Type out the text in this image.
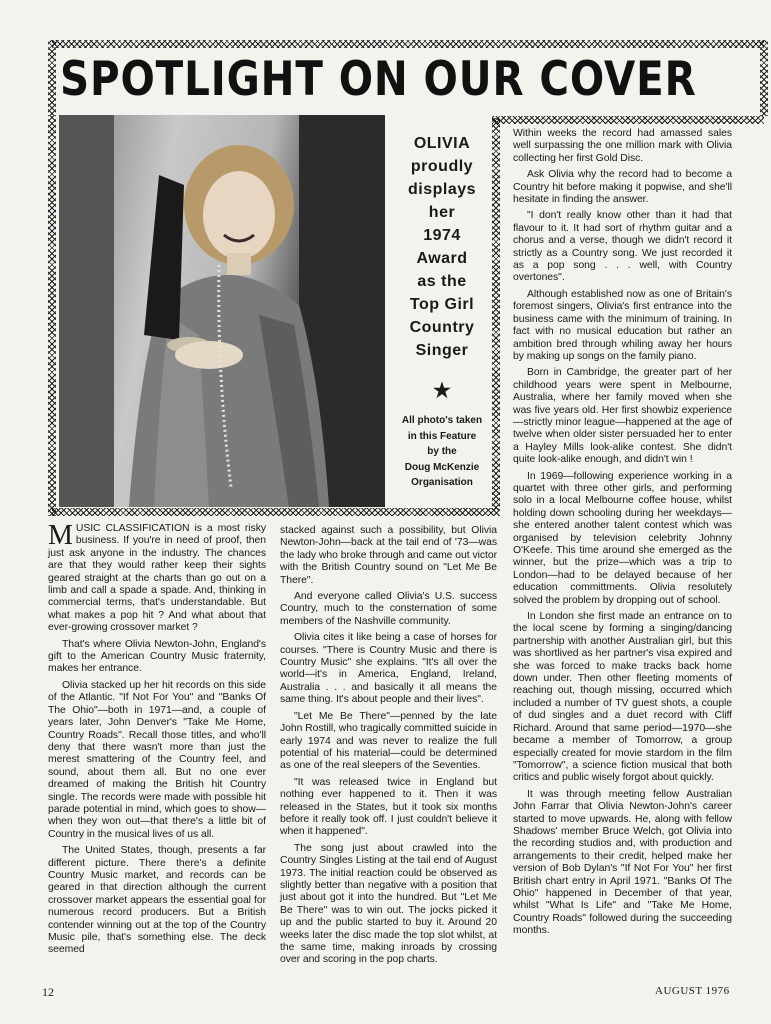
SPOTLIGHT ON OUR COVER
OLIVIA
proudly
displays
her
1974
Award
as the
Top Girl
Country
Singer
★
All photo's taken
in this Feature
by the
Doug McKenzie
Organisation

MUSIC CLASSIFICATION is a most risky business. If you're in need of proof, then just ask anyone in the industry. The chances are that they would rather keep their sights geared straight at the charts than go out on a limb and call a spade a spade. And, thinking in commercial terms, that's understandable. But what makes a pop hit ? And what about that ever-growing crossover market ?

That's where Olivia Newton-John, England's gift to the American Country Music fraternity, makes her entrance.

Olivia stacked up her hit records on this side of the Atlantic. "If Not For You" and "Banks Of The Ohio"—both in 1971—and, a couple of years later, John Denver's "Take Me Home, Country Roads". Recall those titles, and who'll deny that there wasn't more than just the merest smattering of the Country feel, and sound, about them all. But no one ever dreamed of making the British hit Country single. The records were made with possible hit parade potential in mind, which goes to show—when they won out—that there's a little bit of Country in the musical lives of us all.

The United States, though, presents a far different picture. There there's a definite Country Music market, and records can be geared in that direction although the current crossover market appears the essential goal for numerous record producers. But a British contender winning out at the top of the Country Music pile, that's something else. The deck seemed

stacked against such a possibility, but Olivia Newton-John—back at the tail end of '73—was the lady who broke through and came out victor with the British Country sound on "Let Me Be There".

And everyone called Olivia's U.S. success Country, much to the consternation of some members of the Nashville community.

Olivia cites it like being a case of horses for courses. "There is Country Music and there is Country Music" she explains. "It's all over the world—it's in America, England, Ireland, Australia . . . and basically it all means the same thing. It's about people and their lives".

"Let Me Be There"—penned by the late John Rostill, who tragically committed suicide in early 1974 and was never to realize the full potential of his material—could be determined as one of the real sleepers of the Seventies.

"It was released twice in England but nothing ever happened to it. Then it was released in the States, but it took six months before it really took off. I just couldn't believe it when it happened".

The song just about crawled into the Country Singles Listing at the tail end of August 1973. The initial reaction could be observed as slightly better than negative with a position that just about got it into the hundred. But "Let Me Be There" was to win out. The jocks picked it up and the public started to buy it. Around 20 weeks later the disc made the top slot whilst, at the same time, making inroads by crossing over and scoring in the pop charts.

Within weeks the record had amassed sales well surpassing the one million mark with Olivia collecting her first Gold Disc.

Ask Olivia why the record had to become a Country hit before making it popwise, and she'll hesitate in finding the answer.

"I don't really know other than it had that flavour to it. It had sort of rhythm guitar and a chorus and a verse, though we didn't record it strictly as a Country song. We just recorded it as a pop song . . . well, with Country overtones".

Although established now as one of Britain's foremost singers, Olivia's first entrance into the business came with the minimum of training. In fact with no musical education but rather an ambition bred through whiling away her hours by making up songs on the family piano.

Born in Cambridge, the greater part of her childhood years were spent in Melbourne, Australia, where her family moved when she was five years old. Her first showbiz experience—strictly minor league—happened at the age of twelve when older sister persuaded her to enter a Hayley Mills look-alike contest. She didn't quite look-alike enough, and didn't win !

In 1969—following experience working in a quartet with three other girls, and performing solo in a local Melbourne coffee house, whilst holding down schooling during her weekdays—she entered another talent contest which was organised by television celebrity Johnny O'Keefe. This time around she emerged as the winner, but the prize—which was a trip to London—had to be delayed because of her education committments. Olivia resolutely solved the problem by dropping out of school.

In London she first made an entrance on to the local scene by forming a singing/dancing partnership with another Australian girl, but this was shortlived as her partner's visa expired and she was forced to make tracks back home down under. Then other fleeting moments of reaching out, though missing, occurred which included a number of TV guest shots, a couple of dud singles and a duet record with Cliff Richard. Around that same period—1970—she became a member of Tomorrow, a group especially created for movie stardom in the film "Tomorrow", a science fiction musical that both critics and public wisely forgot about quickly.

It was through meeting fellow Australian John Farrar that Olivia Newton-John's career started to move upwards. He, along with fellow Shadows' member Bruce Welch, got Olivia into the recording studios and, with production and arrangements to their credit, helped make her version of Bob Dylan's "If Not For You" her first British chart entry in April 1971. "Banks Of The Ohio" happened in December of that year, whilst "What Is Life" and "Take Me Home, Country Roads" followed during the succeeding months.

12	AUGUST 1976
